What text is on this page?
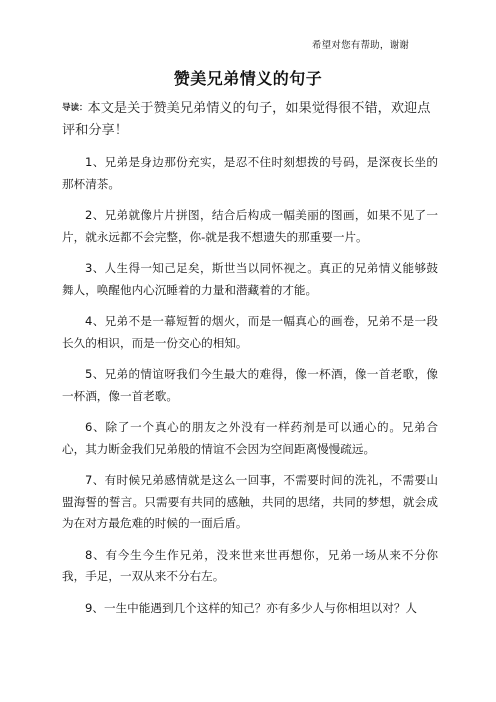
希望对您有帮助，谢谢
赞美兄弟情义的句子
导读：本文是关于赞美兄弟情义的句子，如果觉得很不错，欢迎点评和分享！

1、兄弟是身边那份充实，是忍不住时刻想拨的号码，是深夜长坐的那杯清茶。

2、兄弟就像片片拼图，结合后构成一幅美丽的图画，如果不见了一片，就永远都不会完整，你-就是我不想遗失的那重要一片。

3、人生得一知己足矣，斯世当以同怀视之。真正的兄弟情义能够鼓舞人，唤醒他内心沉睡着的力量和潜藏着的才能。

4、兄弟不是一幕短暂的烟火，而是一幅真心的画卷，兄弟不是一段长久的相识，而是一份交心的相知。

5、兄弟的情谊呀我们今生最大的难得，像一杯酒，像一首老歌，像一杯酒，像一首老歌。

6、除了一个真心的朋友之外没有一样药剂是可以通心的。兄弟合心，其力断金我们兄弟般的情谊不会因为空间距离慢慢疏远。

7、有时候兄弟感情就是这么一回事，不需要时间的洗礼，不需要山盟海誓的誓言。只需要有共同的感触，共同的思绪，共同的梦想，就会成为在对方最危难的时候的一面后盾。

8、有今生今生作兄弟，没来世来世再想你，兄弟一场从来不分你我，手足，一双从来不分右左。

9、一生中能遇到几个这样的知己？亦有多少人与你相坦以对？人
